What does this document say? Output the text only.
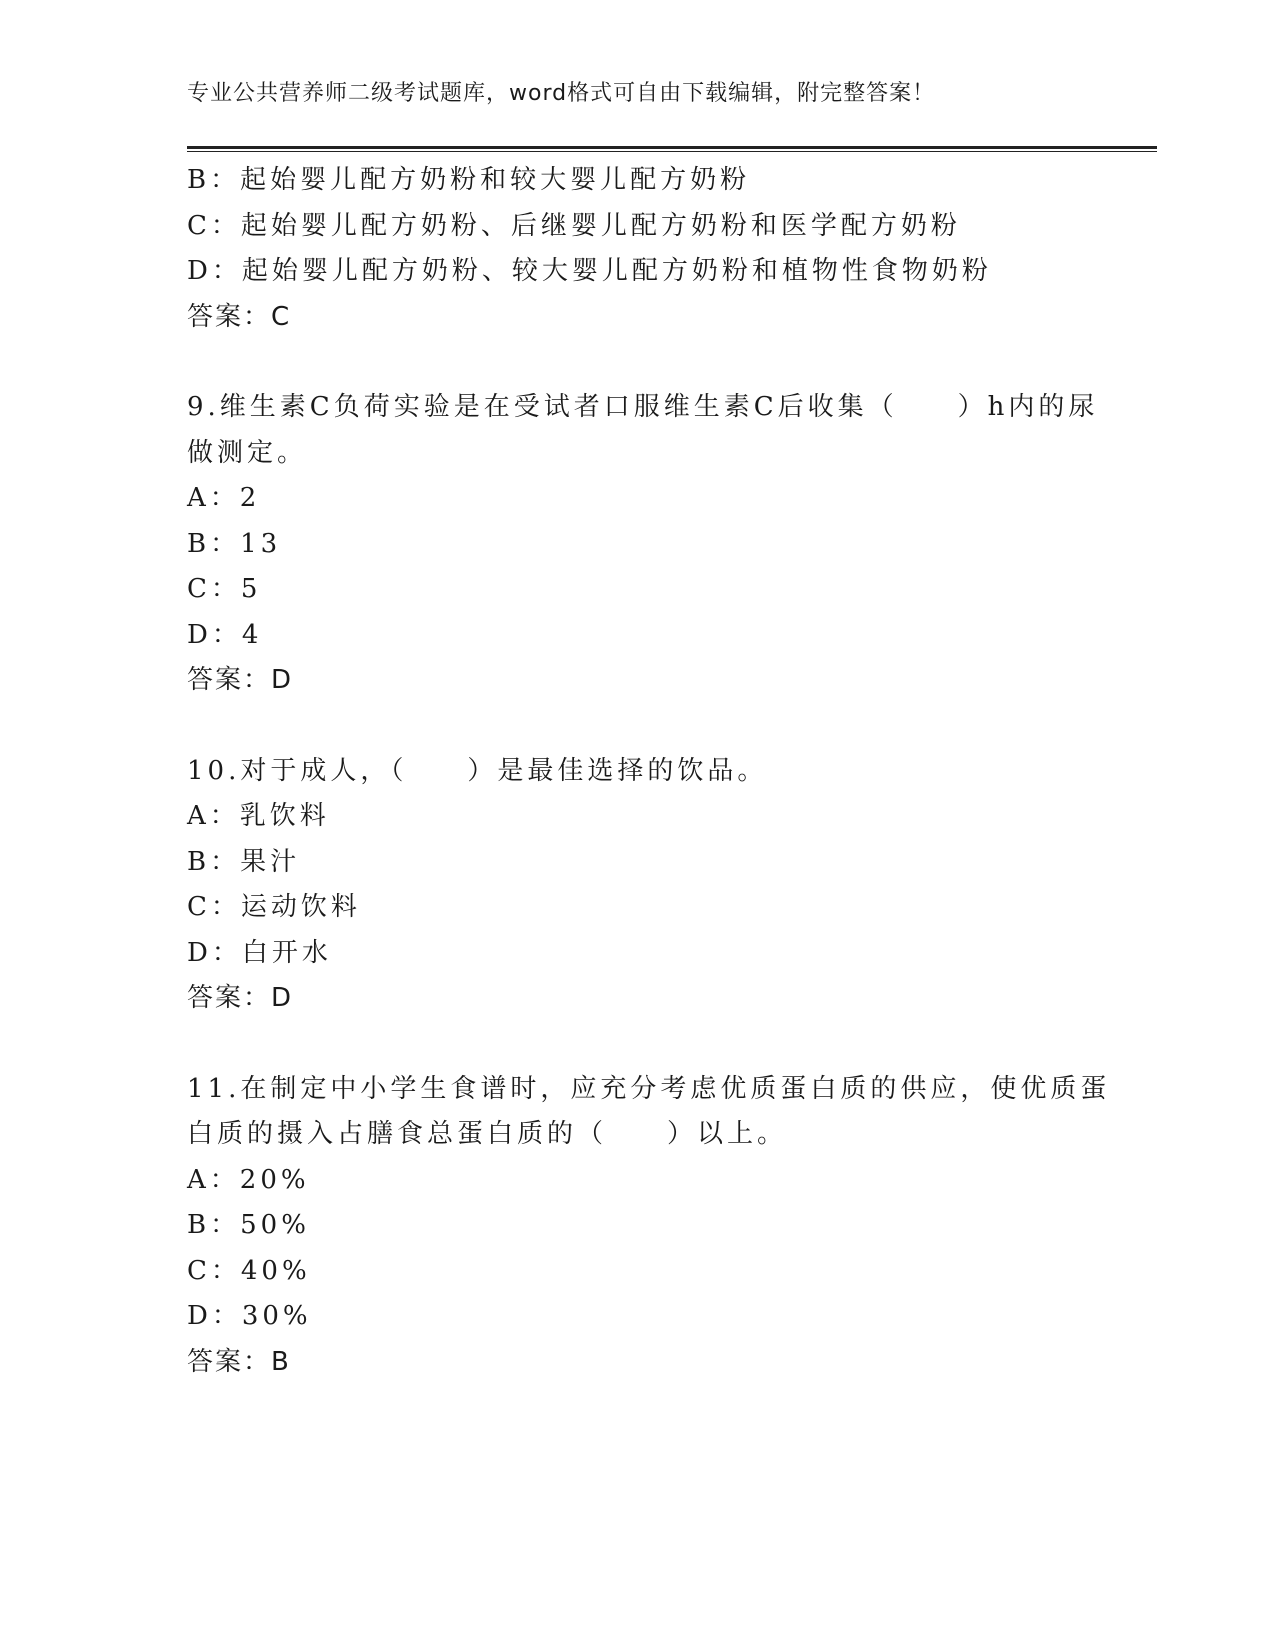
专业公共营养师二级考试题库，word格式可自由下载编辑，附完整答案！
B：起始婴儿配方奶粉和较大婴儿配方奶粉
C：起始婴儿配方奶粉、后继婴儿配方奶粉和医学配方奶粉
D：起始婴儿配方奶粉、较大婴儿配方奶粉和植物性食物奶粉
答案：C
9.维生素C负荷实验是在受试者口服维生素C后收集（　　）h内的尿
做测定。
A：2
B：13
C：5
D：4
答案：D
10.对于成人，（　　）是最佳选择的饮品。
A：乳饮料
B：果汁
C：运动饮料
D：白开水
答案：D
11.在制定中小学生食谱时，应充分考虑优质蛋白质的供应，使优质蛋
白质的摄入占膳食总蛋白质的（　　）以上。
A：20%
B：50%
C：40%
D：30%
答案：B
